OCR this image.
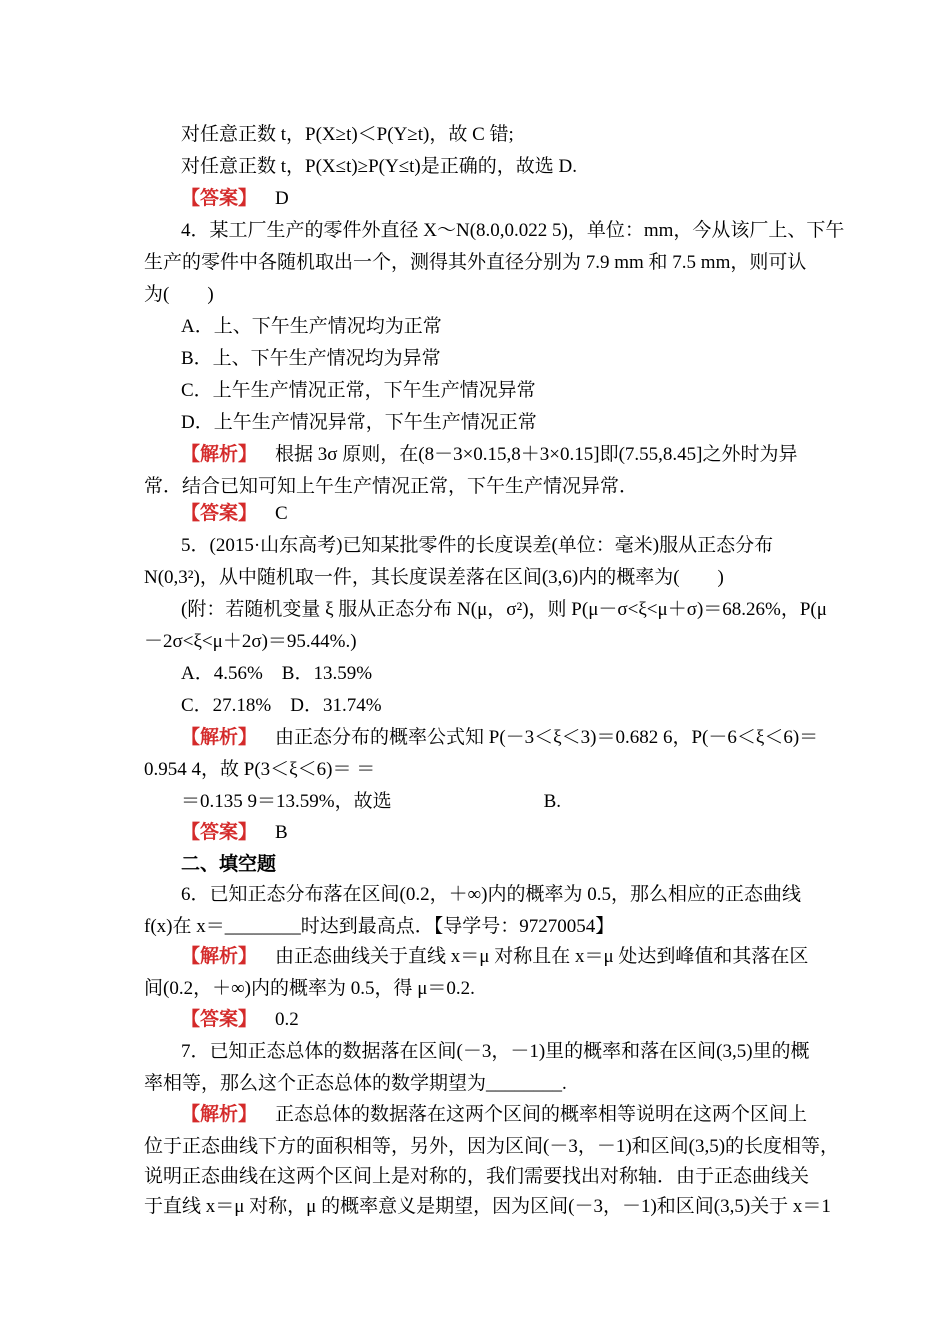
对任意正数 t，P(X≥t)＜P(Y≥t)，故 C 错;
对任意正数 t，P(X≤t)≥P(Y≤t)是正确的，故选 D.
【答案】 D
4．某工厂生产的零件外直径 X～N(8.0,0.022 5)，单位：mm，今从该厂上、下午
生产的零件中各随机取出一个，测得其外直径分别为 7.9 mm 和 7.5 mm，则可认
为(　　)
A．上、下午生产情况均为正常
B．上、下午生产情况均为异常
C．上午生产情况正常，下午生产情况异常
D．上午生产情况异常，下午生产情况正常
【解析】 根据 3σ 原则，在(8－3×0.15,8＋3×0.15]即(7.55,8.45]之外时为异
常．结合已知可知上午生产情况正常，下午生产情况异常．
【答案】 C
5．(2015·山东高考)已知某批零件的长度误差(单位：毫米)服从正态分布
N(0,3²)，从中随机取一件，其长度误差落在区间(3,6)内的概率为(　　)
(附：若随机变量 ξ 服从正态分布 N(μ，σ²)，则 P(μ－σ<ξ<μ＋σ)＝68.26%，P(μ
－2σ<ξ<μ＋2σ)＝95.44%.)
A．4.56%　B．13.59%
C．27.18%　D．31.74%
【解析】 由正态分布的概率公式知 P(－3＜ξ＜3)＝0.682 6，P(－6＜ξ＜6)＝
0.954 4，故 P(3＜ξ＜6)＝ ＝
＝0.135 9＝13.59%，故选　　　　　　　　B.
【答案】 B
二、填空题
6．已知正态分布落在区间(0.2，＋∞)内的概率为 0.5，那么相应的正态曲线
f(x)在 x＝________时达到最高点．【导学号：97270054】
【解析】 由正态曲线关于直线 x＝μ 对称且在 x＝μ 处达到峰值和其落在区
间(0.2，＋∞)内的概率为 0.5，得 μ＝0.2.
【答案】 0.2
7．已知正态总体的数据落在区间(－3，－1)里的概率和落在区间(3,5)里的概
率相等，那么这个正态总体的数学期望为________.
【解析】 正态总体的数据落在这两个区间的概率相等说明在这两个区间上
位于正态曲线下方的面积相等，另外，因为区间(－3，－1)和区间(3,5)的长度相等，
说明正态曲线在这两个区间上是对称的，我们需要找出对称轴．由于正态曲线关
于直线 x＝μ 对称，μ 的概率意义是期望，因为区间(－3，－1)和区间(3,5)关于 x＝1
